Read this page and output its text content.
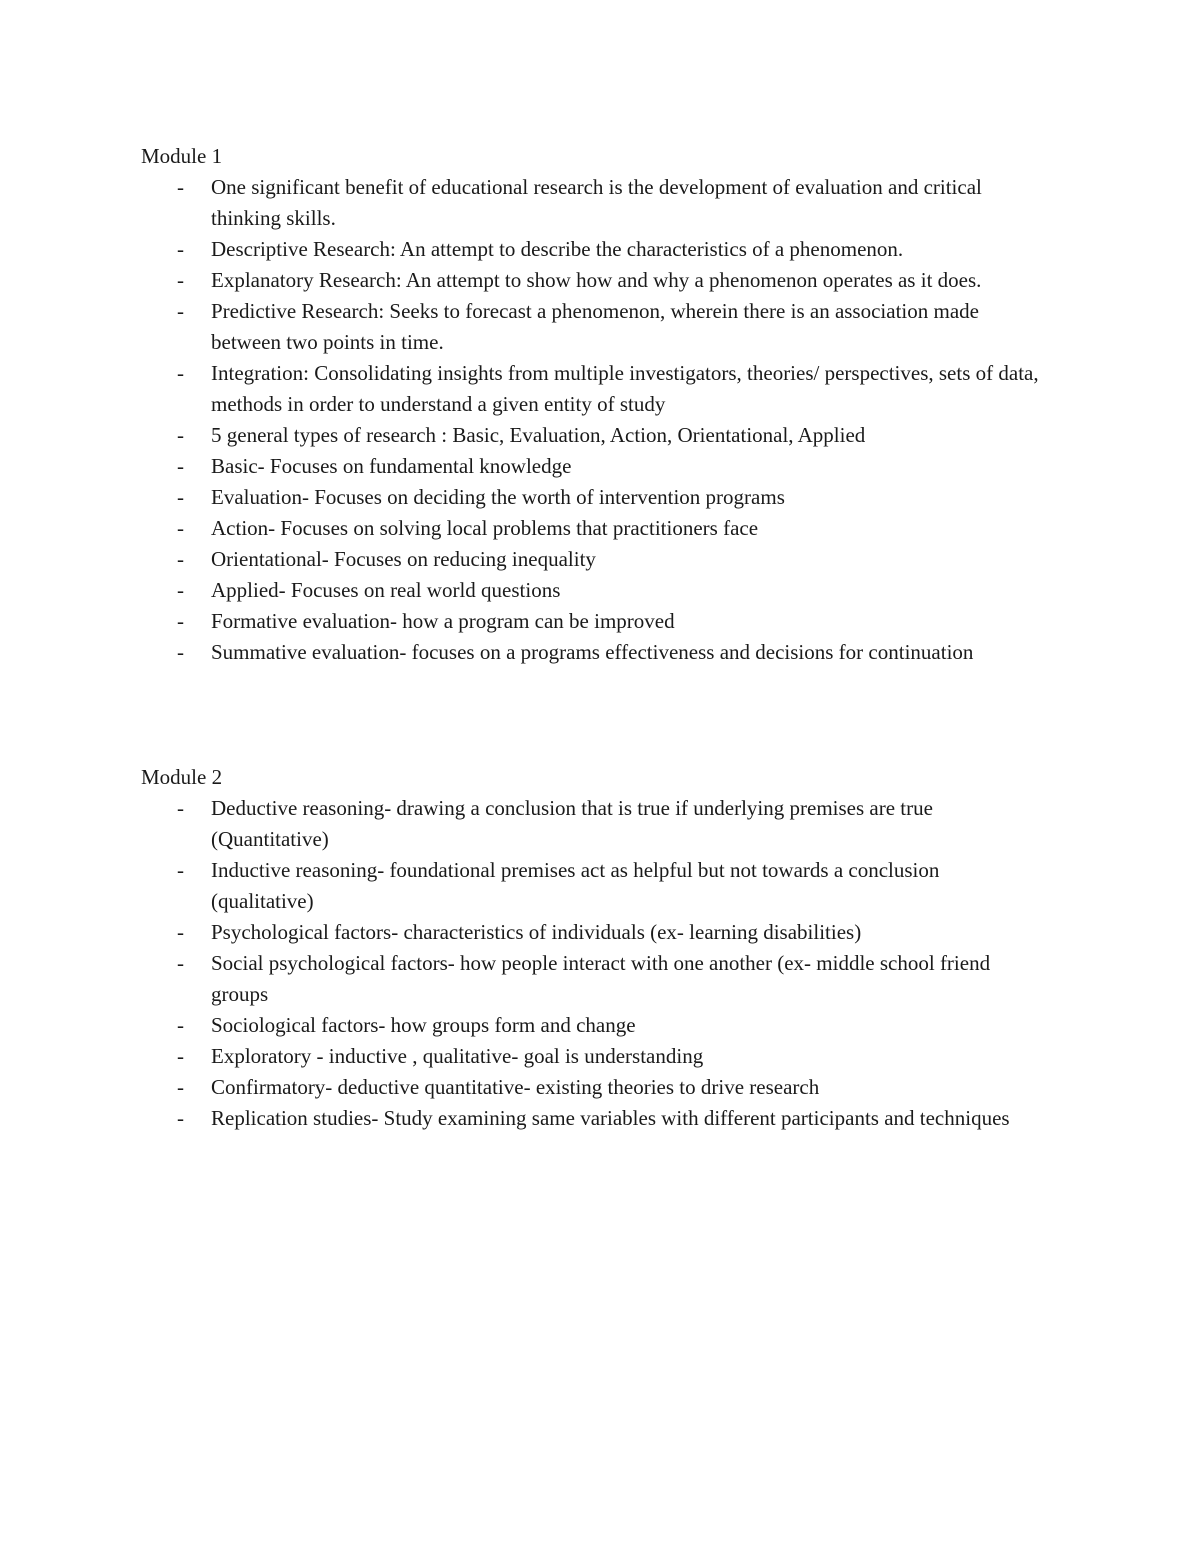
Module 1
- One significant benefit of educational research is the development of evaluation and critical thinking skills.
- Descriptive Research: An attempt to describe the characteristics of a phenomenon.
- Explanatory Research: An attempt to show how and why a phenomenon operates as it does.
- Predictive Research: Seeks to forecast a phenomenon, wherein there is an association made between two points in time.
- Integration: Consolidating insights from multiple investigators, theories/ perspectives, sets of data, methods in order to understand a given entity of study
- 5 general types of research : Basic, Evaluation, Action, Orientational, Applied
- Basic- Focuses on fundamental knowledge
- Evaluation- Focuses on deciding the worth of intervention programs
- Action- Focuses on solving local problems that practitioners face
- Orientational- Focuses on reducing inequality
- Applied- Focuses on real world questions
- Formative evaluation- how a program can be improved
- Summative evaluation- focuses on a programs effectiveness and decisions for continuation
Module 2
- Deductive reasoning- drawing a conclusion that is true if underlying premises are true (Quantitative)
- Inductive reasoning- foundational premises act as helpful but not towards a conclusion (qualitative)
- Psychological factors- characteristics of individuals (ex- learning disabilities)
- Social psychological factors- how people interact with one another (ex- middle school friend groups
- Sociological factors- how groups form and change
- Exploratory - inductive , qualitative- goal is understanding
- Confirmatory- deductive quantitative- existing theories to drive research
- Replication studies- Study examining same variables with different participants and techniques
